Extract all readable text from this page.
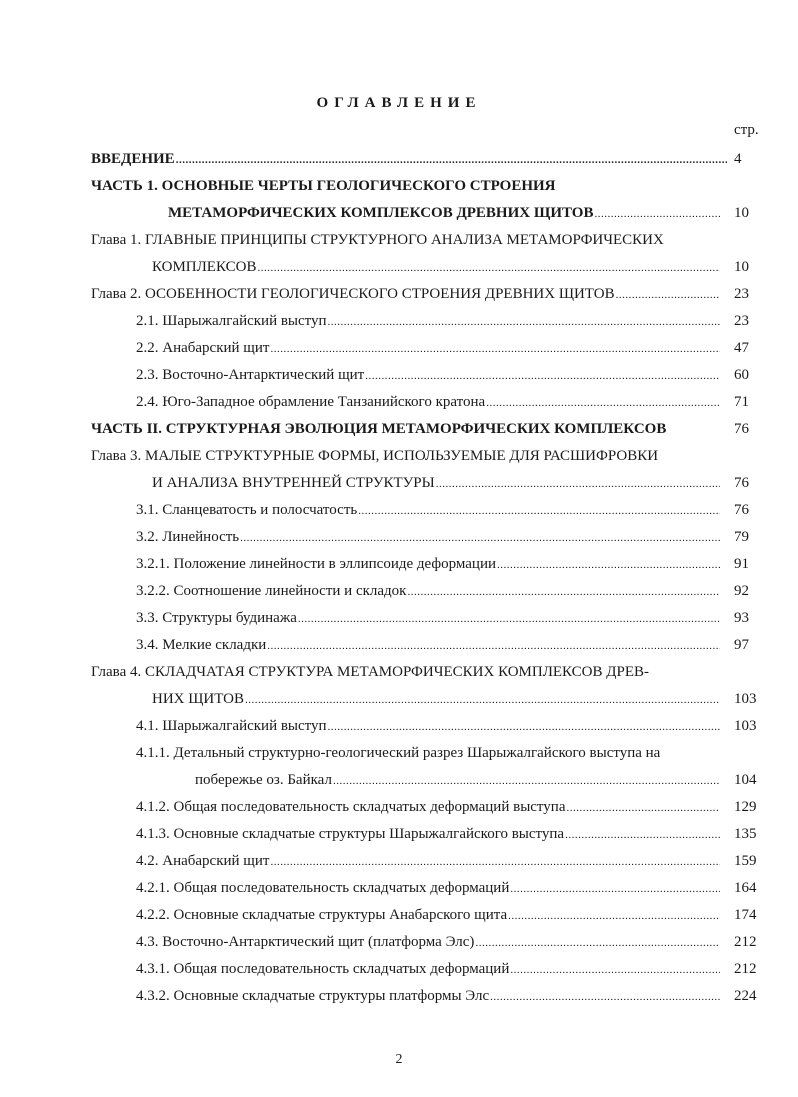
ОГЛАВЛЕНИЕ
стр.
ВВЕДЕНИЕ .....	4
ЧАСТЬ 1. ОСНОВНЫЕ ЧЕРТЫ ГЕОЛОГИЧЕСКОГО СТРОЕНИЯ
МЕТАМОРФИЧЕСКИХ КОМПЛЕКСОВ ДРЕВНИХ ЩИТОВ .....	10
Глава 1. ГЛАВНЫЕ ПРИНЦИПЫ СТРУКТУРНОГО АНАЛИЗА МЕТАМОРФИЧЕСКИХ
КОМПЛЕКСОВ .....	10
Глава 2. ОСОБЕННОСТИ ГЕОЛОГИЧЕСКОГО СТРОЕНИЯ ДРЕВНИХ ЩИТОВ .....	23
2.1. Шарыжалгайский выступ .....	23
2.2. Анабарский щит .....	47
2.3. Восточно-Антарктический щит .....	60
2.4. Юго-Западное обрамление Танзанийского кратона .....	71
ЧАСТЬ II. СТРУКТУРНАЯ ЭВОЛЮЦИЯ МЕТАМОРФИЧЕСКИХ КОМПЛЕКСОВ	76
Глава 3. МАЛЫЕ СТРУКТУРНЫЕ ФОРМЫ, ИСПОЛЬЗУЕМЫЕ ДЛЯ РАСШИФРОВКИ
И АНАЛИЗА ВНУТРЕННЕЙ СТРУКТУРЫ .....	76
3.1. Сланцеватость и полосчатость .....	76
3.2. Линейность .....	79
3.2.1. Положение линейности в эллипсоиде деформации .....	91
3.2.2. Соотношение линейности и складок .....	92
3.3. Структуры будинажа .....	93
3.4. Мелкие складки .....	97
Глава 4. СКЛАДЧАТАЯ СТРУКТУРА МЕТАМОРФИЧЕСКИХ КОМПЛЕКСОВ ДРЕВ-
НИХ ЩИТОВ .....	103
4.1. Шарыжалгайский выступ .....	103
4.1.1. Детальный структурно-геологический разрез Шарыжалгайского выступа на
побережье оз. Байкал .....	104
4.1.2. Общая последовательность складчатых деформаций выступа .....	129
4.1.3. Основные складчатые структуры Шарыжалгайского выступа .....	135
4.2. Анабарский щит .....	159
4.2.1. Общая последовательность складчатых деформаций .....	164
4.2.2. Основные складчатые структуры Анабарского щита .....	174
4.3. Восточно-Антарктический щит (платформа Элс) .....	212
4.3.1. Общая последовательность складчатых деформаций .....	212
4.3.2. Основные складчатые структуры платформы Элс .....	224
2
